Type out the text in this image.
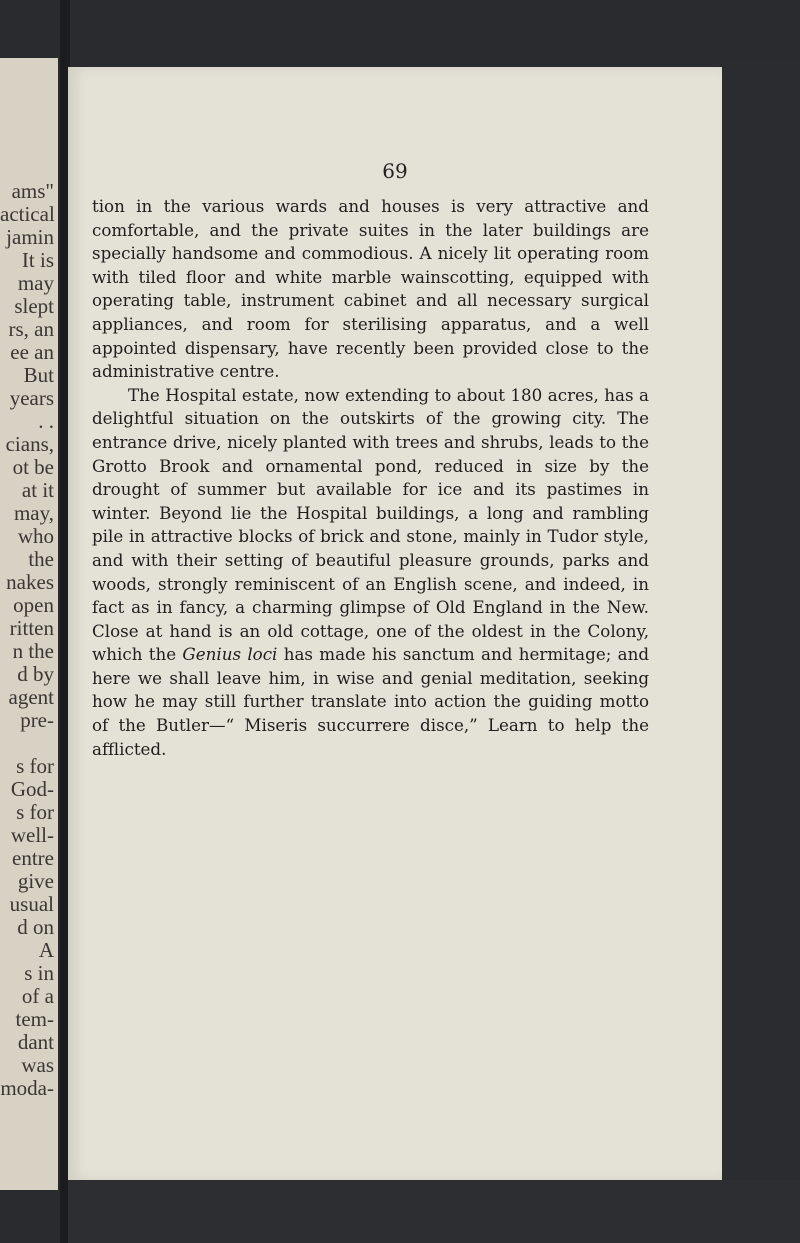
ams"
actical
jamin
It is
may
slept
rs, an
ee an
But
years
. .
cians,
ot be
at it
may,
who
the
nakes
open
ritten
n the
d by
agent
pre-
s for
God-
s for
well-
entre
give
usual
d on
A
s in
of a
tem-
dant
was
moda-
69

tion in the various wards and houses is very attractive and comfortable, and the private suites in the later buildings are specially handsome and commodious. A nicely lit operating room with tiled floor and white marble wainscotting, equipped with operating table, instrument cabinet and all necessary surgical appliances, and room for sterilising apparatus, and a well appointed dispensary, have recently been provided close to the administrative centre.

The Hospital estate, now extending to about 180 acres, has a delightful situation on the outskirts of the growing city. The entrance drive, nicely planted with trees and shrubs, leads to the Grotto Brook and ornamental pond, reduced in size by the drought of summer but available for ice and its pastimes in winter. Beyond lie the Hospital buildings, a long and rambling pile in attractive blocks of brick and stone, mainly in Tudor style, and with their setting of beautiful pleasure grounds, parks and woods, strongly reminiscent of an English scene, and indeed, in fact as in fancy, a charming glimpse of Old England in the New. Close at hand is an old cottage, one of the oldest in the Colony, which the Genius loci has made his sanctum and hermitage; and here we shall leave him, in wise and genial meditation, seeking how he may still further translate into action the guiding motto of the Butler—“ Miseris succurrere disce,” Learn to help the afflicted.
